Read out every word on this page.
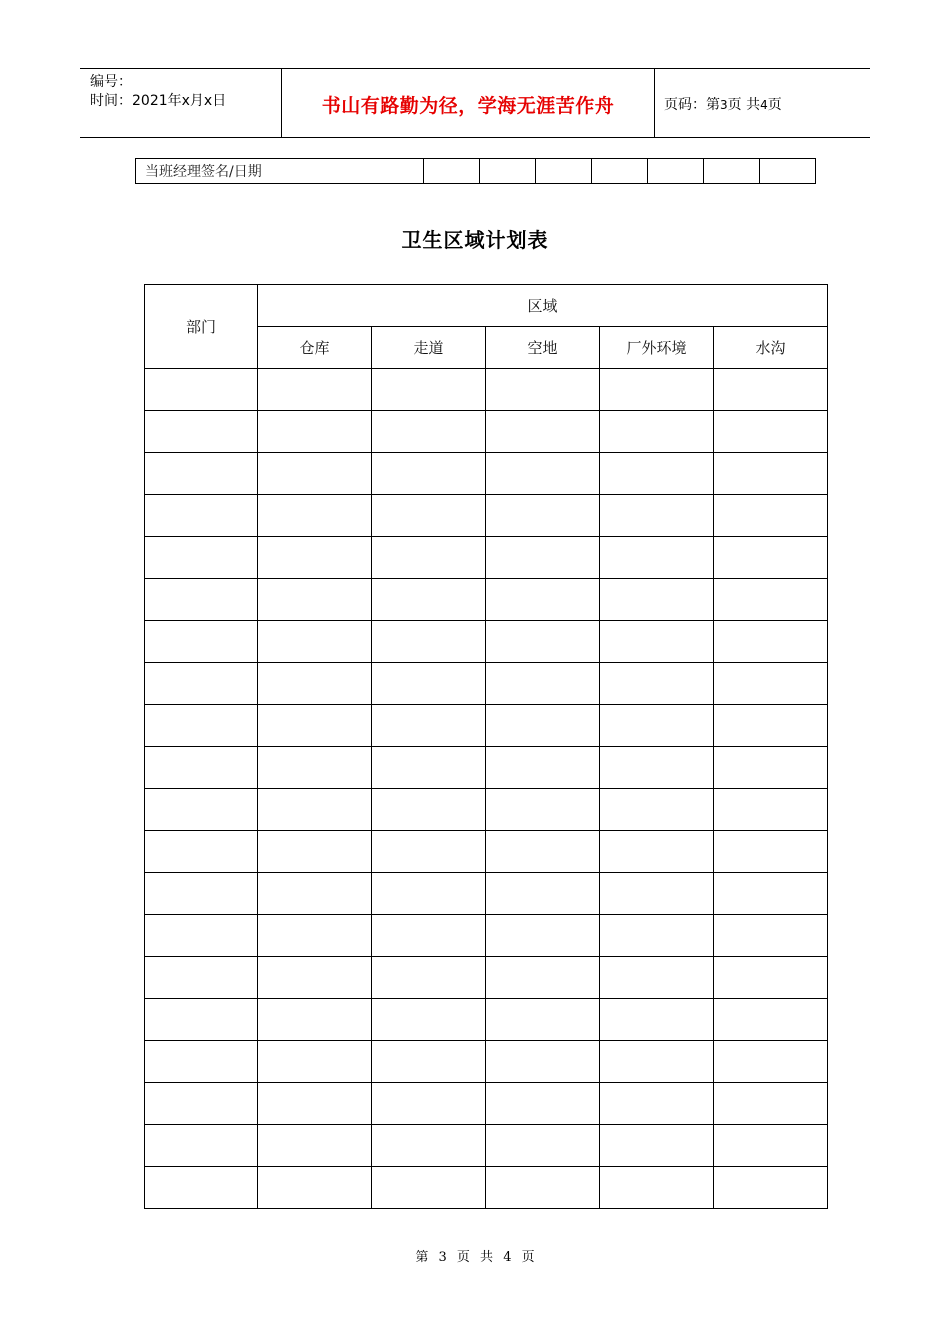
编号：
时间：2021年x月x日	书山有路勤为径，学海无涯苦作舟	页码：第3页 共4页
当班经理签名/日期							
卫生区域计划表
部门	区域				
	仓库	走道	空地	厂外环境	水沟

第 3 页 共 4 页
